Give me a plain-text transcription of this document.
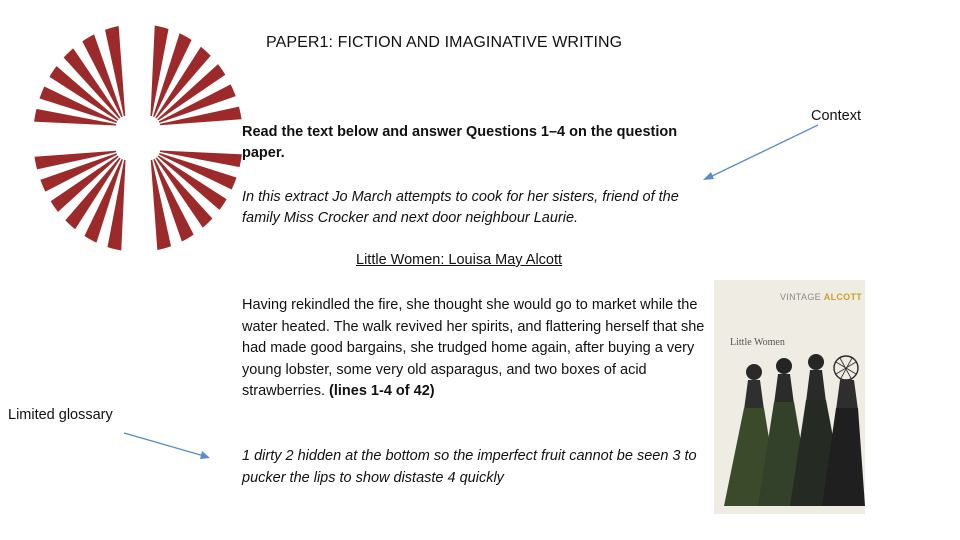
PAPER1: FICTION AND IMAGINATIVE WRITING
Read the text below and answer Questions 1–4 on the question paper.
In this extract Jo March attempts to cook for her sisters, friend of the family Miss Crocker and next door neighbour Laurie.
Little Women: Louisa May Alcott
Having rekindled the fire, she thought she would go to market while the water heated. The walk revived her spirits, and flattering herself that she had made good bargains, she trudged home again, after buying a very young lobster, some very old asparagus, and two boxes of acid strawberries. (lines 1-4 of 42)
1 dirty 2 hidden at the bottom so the imperfect fruit cannot be seen 3 to pucker the lips to show distaste 4 quickly
Context
Limited glossary
VINTAGE ALCOTT
Little Women
